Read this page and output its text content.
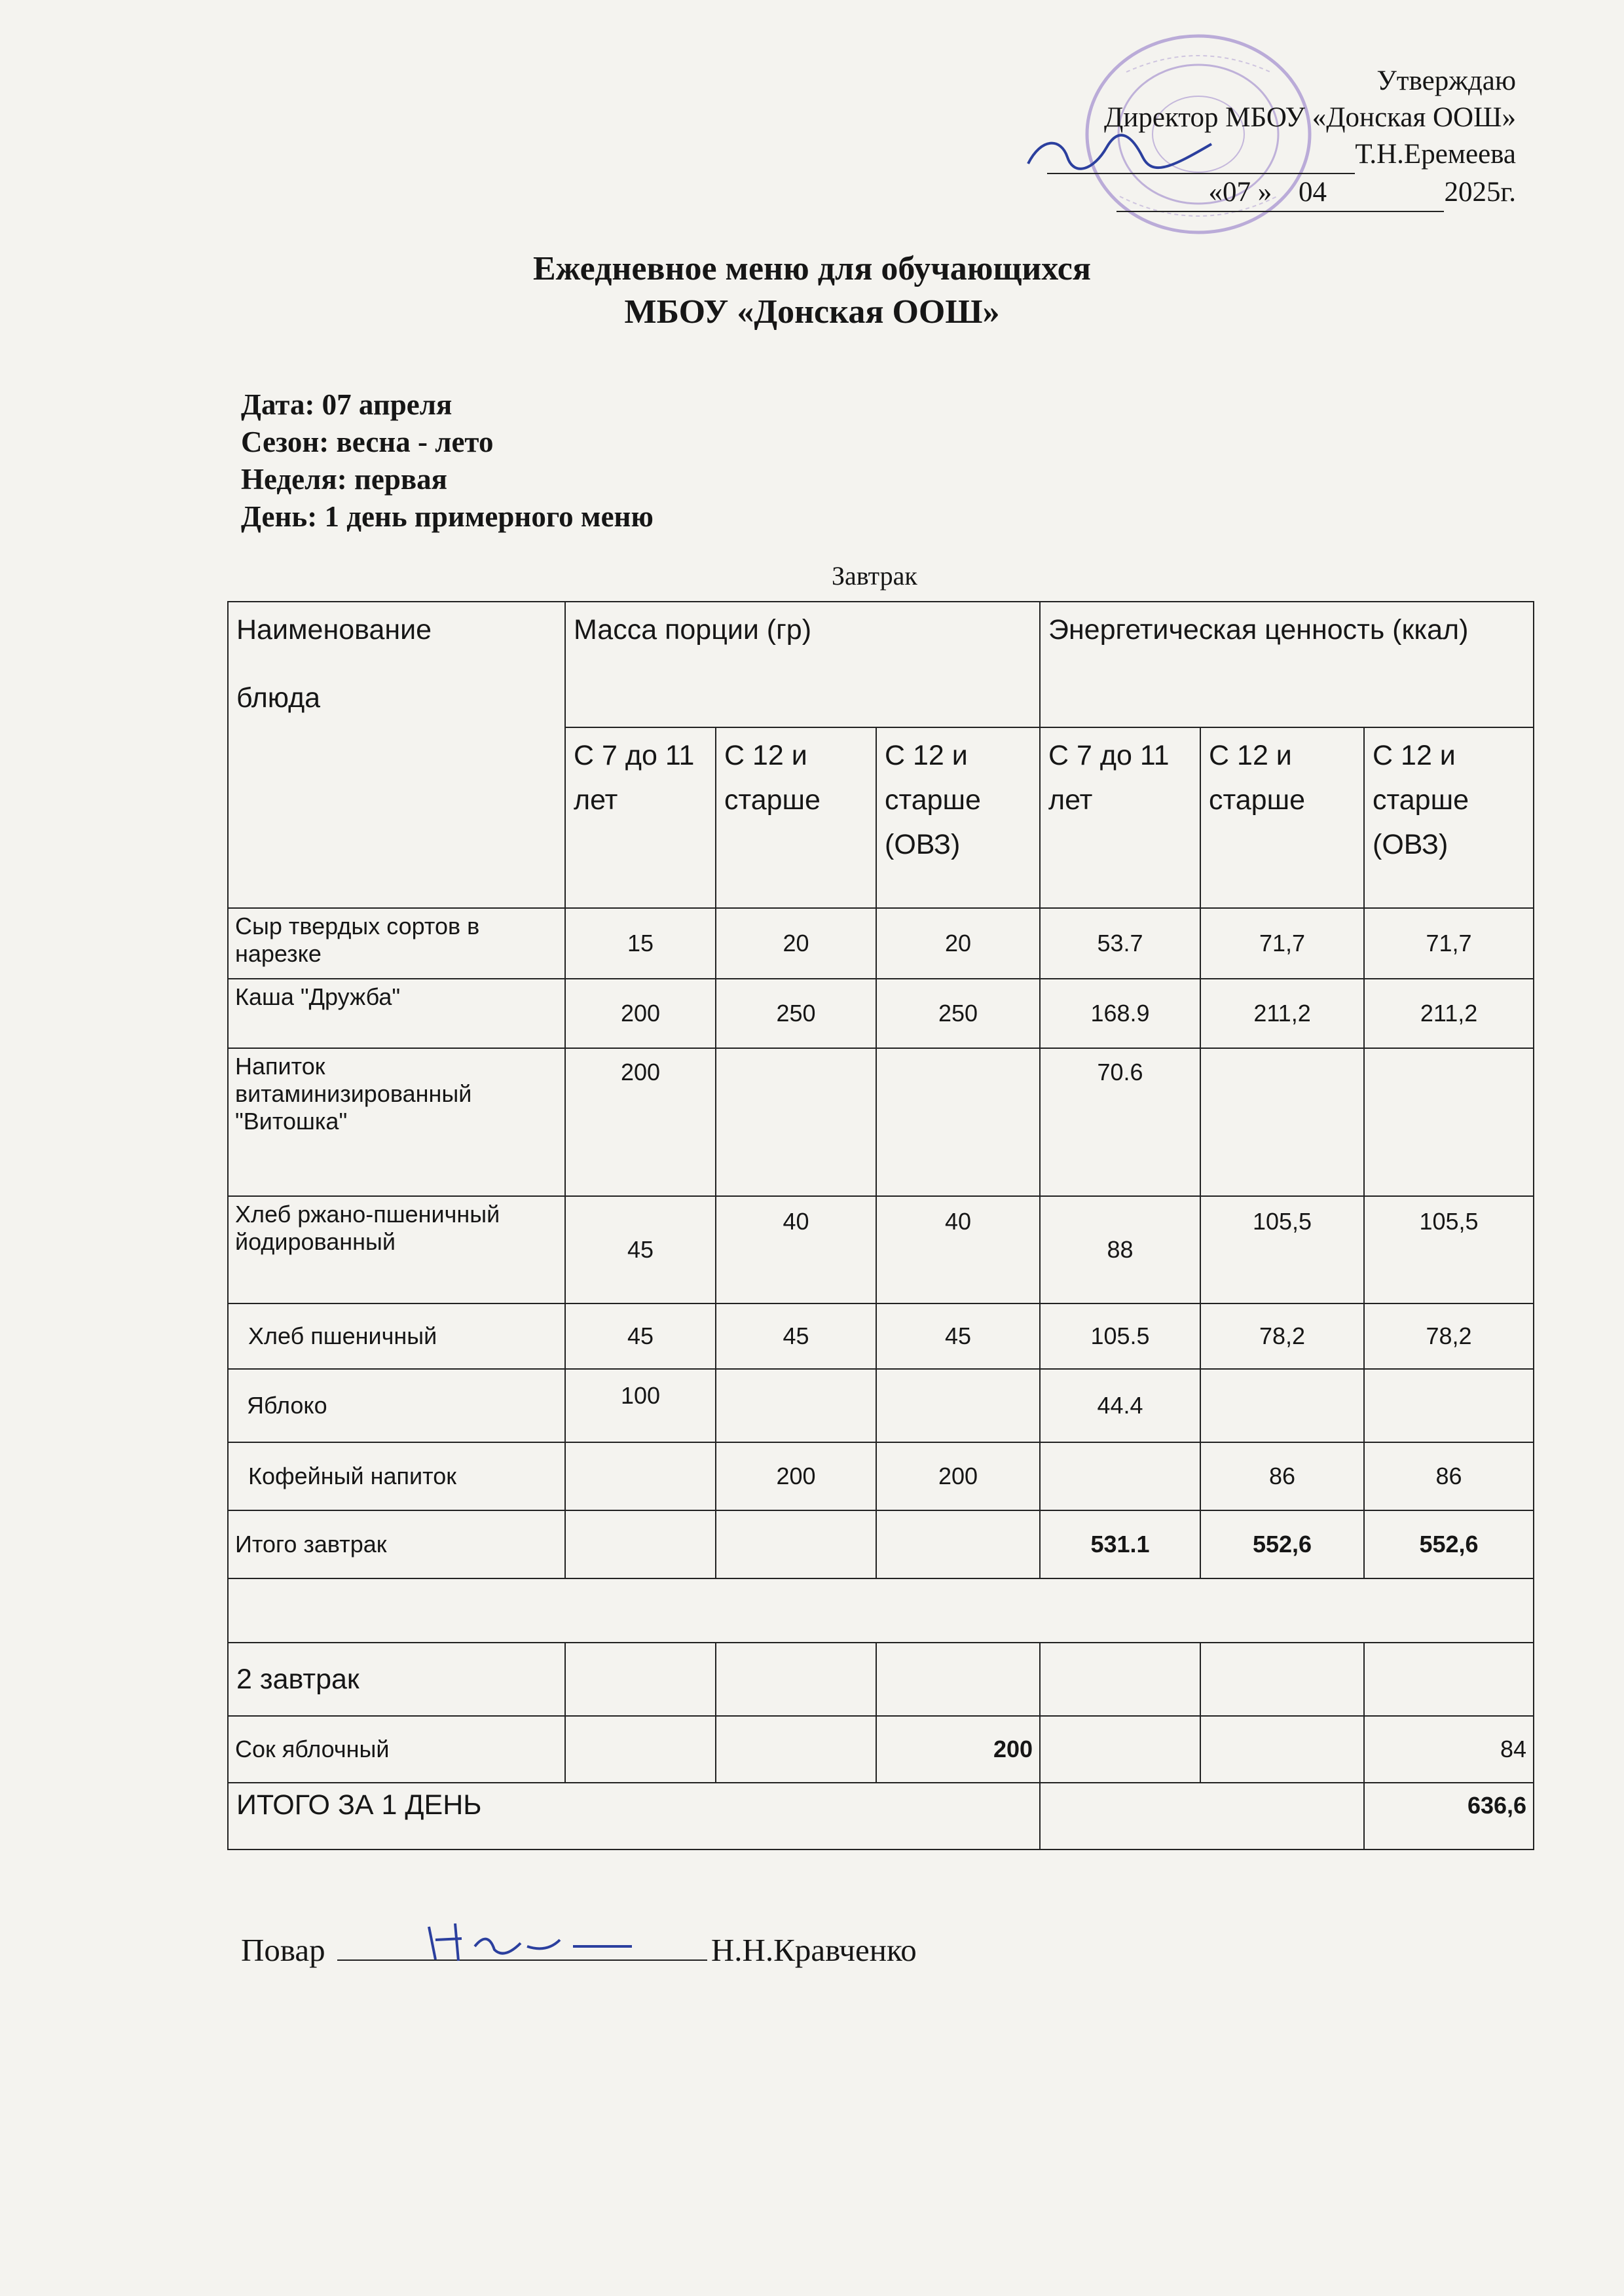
Утверждаю
Директор МБОУ «Донская ООШ»
Т.Н.Еремеева
«07 » 04	2025г.
Ежедневное меню для обучающихся
МБОУ «Донская ООШ»
Дата: 07 апреля
Сезон: весна - лето
Неделя: первая
День: 1 день примерного меню
Завтрак
Наименование
блюда	Масса порции (гр)			Энергетическая ценность (ккал)		
	С 7 до 11 лет	С 12 и старше	С 12 и старше (ОВЗ)	С 7 до 11 лет	С 12 и старше	С 12 и старше (ОВЗ)
Сыр твердых сортов в нарезке	15	20	20	53.7	71,7	71,7
Каша "Дружба"	200	250	250	168.9	211,2	211,2
Напиток витаминизированный "Витошка"	200			70.6		
Хлеб ржано-пшеничный йодированный	45	40	40	88	105,5	105,5
Хлеб пшеничный	45	45	45	105.5	78,2	78,2
Яблоко	100			44.4		
Кофейный напиток		200	200		86	86
Итого завтрак				531.1	552,6	552,6

2 завтрак						
Сок яблочный			200			84
ИТОГО ЗА 1 ДЕНЬ						636,6
Повар	Н.Н.Кравченко
